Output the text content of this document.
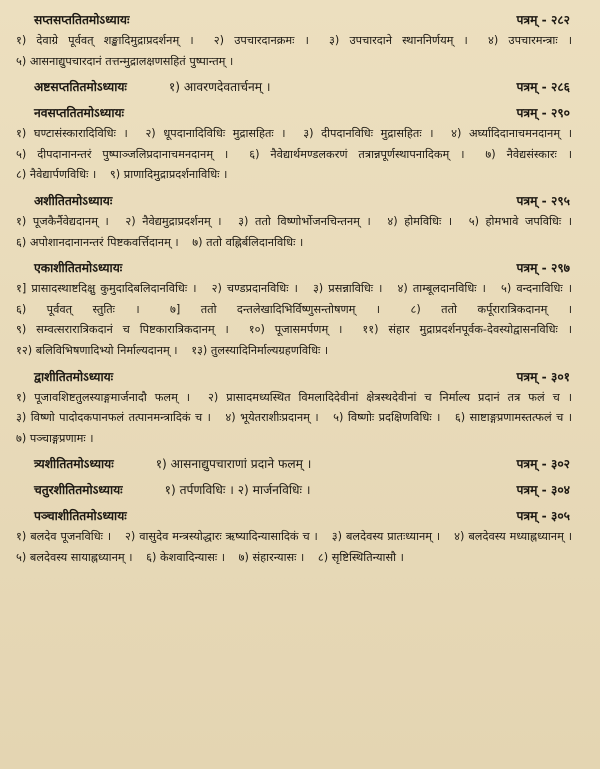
सप्तसप्ततितमोऽध्यायः	पत्रम् - २८२
१) देवाग्रे पूर्ववत् शङ्खादिमुद्राप्रदर्शनम् । २) उपचारदानक्रमः । ३) उपचारदाने स्थाननिर्णयम् । ४) उपचारमन्त्राः । ५) आसनाद्युपचारदानं तत्तन्मुद्रालक्षणसहितं पुष्पान्तम् ।
अष्टसप्ततितमोऽध्यायः	१) आवरणदेवतार्चनम् ।	पत्रम् - २८६
नवसप्ततितमोऽध्यायः	पत्रम् - २९०
१) घण्टासंस्कारादिविधिः । २) धूपदानादिविधिः मुद्रासहितः । ३) दीपदानविधिः मुद्रासहितः । ४) अर्घ्यादिदानाचमनदानम् । ५) दीपदानानन्तरं पुष्पाञ्जलिप्रदानाचमनदानम् । ६) नैवेद्यार्थमण्डलकरणं तत्रान्नपूर्णस्थापनादिकम् । ७) नैवेद्यसंस्कारः । ८) नैवेद्यार्पणविधिः । ९) प्राणादिमुद्राप्रदर्शनाविधिः ।
अशीतितमोऽध्यायः	पत्रम् - २९५
१) पूजकैर्नैवेद्यदानम् । २) नैवेद्यमुद्राप्रदर्शनम् । ३) ततो विष्णोर्भोजनचिन्तनम् । ४) होमविधिः । ५) होमभावे जपविधिः । ६) अपोशानदानानन्तरं पिष्टकवर्त्तिदानम् । ७) ततो वह्निर्बलिदानविधिः ।
एकाशीतितमोऽध्यायः	पत्रम् - २९७
१] प्रासादस्थाष्टदिक्षु कुमुदादिबलिदानविधिः । २) चण्डप्रदानविधिः । ३) प्रसन्नाविधिः । ४) ताम्बूलदानविधिः । ५) वन्दनाविधिः । ६) पूर्ववत् स्तुतिः ।	७] ततो दन्तलेखादिभिर्विष्णुसन्तोषणम् ।	८) ततो कर्पूरारात्रिकदानम् । ९) सम्वत्सरारात्रिकदानं च पिष्टकारात्रिकदानम् । १०) पूजासमर्पणम् । ११) संहार मुद्राप्रदर्शनपूर्वक-देवस्योद्वासनविधिः । १२) बलिविभिषणादिभ्यो निर्माल्यदानम् । १३) तुलस्यादिनिर्माल्यग्रहणविधिः ।
द्वाशीतितमोऽध्यायः	पत्रम् - ३०१
१) पूजावशिष्टतुलस्याङ्गमार्जनादौ फलम् । २) प्रासादमध्यस्थित विमलादिदेवीनां क्षेत्रस्थदेवीनां च निर्माल्य प्रदानं तत्र फलं च । ३) विष्णो पादोदकपानफलं तत्पानमन्त्रादिकं च । ४) भूयेतराशीःप्रदानम् । ५) विष्णोः प्रदक्षिणविधिः । ६) साष्टाङ्गप्रणामस्तत्फलं च । ७) पञ्चाङ्गप्रणामः ।
त्र्यशीतितमोऽध्यायः	१) आसनाद्युपचाराणां प्रदाने फलम् ।	पत्रम् - ३०२
चतुरशीतितमोऽध्यायः	१) तर्पणविधिः । २) मार्जनविधिः ।	पत्रम् - ३०४
पञ्चाशीतितमोऽध्यायः	पत्रम् - ३०५
१) बलदेव पूजनविधिः । २) वासुदेव मन्त्रस्योद्धारः ऋष्यादिन्यासादिकं च । ३) बलदेवस्य प्रातःध्यानम् । ४) बलदेवस्य मध्याह्नध्यानम् । ५) बलदेवस्य सायाह्नध्यानम् । ६) केशवादिन्यासः । ७) संहारन्यासः । ८) सृष्टिस्थितिन्यासौ ।
